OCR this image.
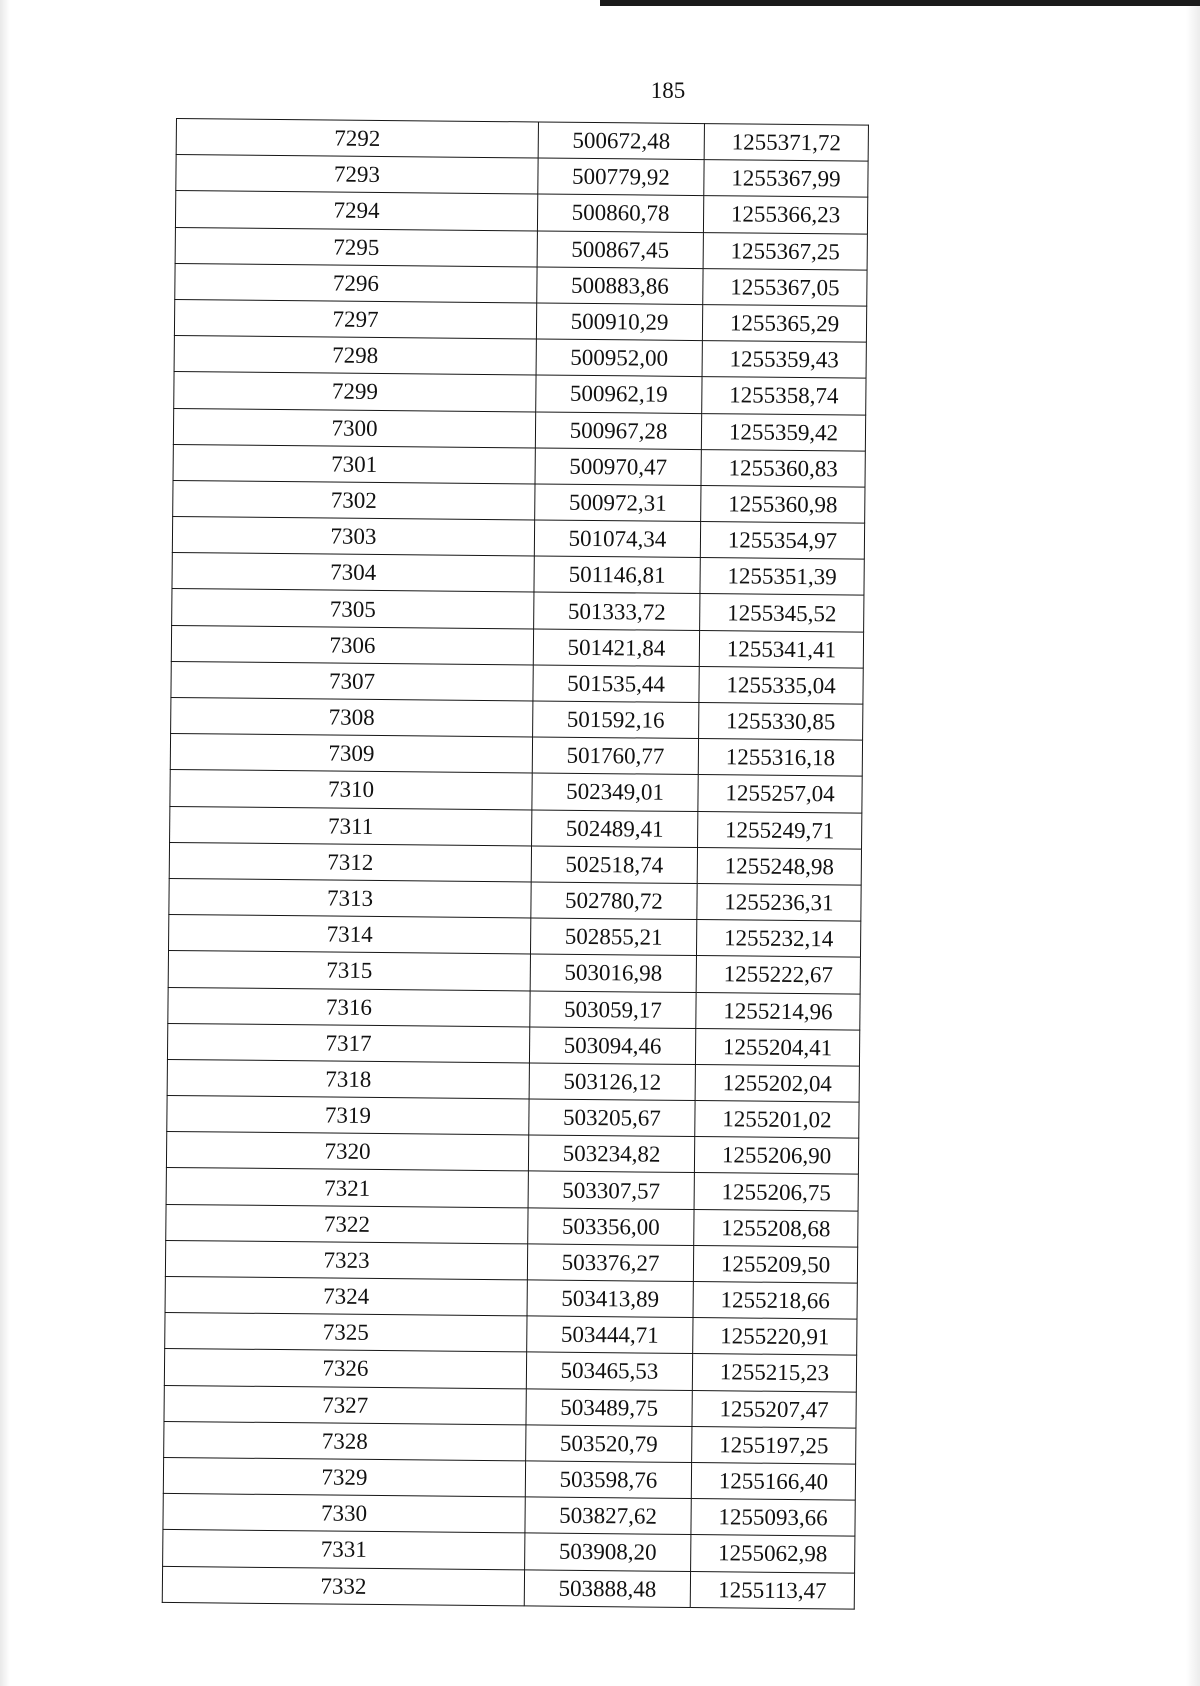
185
7292	500672,48	1255371,72
7293	500779,92	1255367,99
7294	500860,78	1255366,23
7295	500867,45	1255367,25
7296	500883,86	1255367,05
7297	500910,29	1255365,29
7298	500952,00	1255359,43
7299	500962,19	1255358,74
7300	500967,28	1255359,42
7301	500970,47	1255360,83
7302	500972,31	1255360,98
7303	501074,34	1255354,97
7304	501146,81	1255351,39
7305	501333,72	1255345,52
7306	501421,84	1255341,41
7307	501535,44	1255335,04
7308	501592,16	1255330,85
7309	501760,77	1255316,18
7310	502349,01	1255257,04
7311	502489,41	1255249,71
7312	502518,74	1255248,98
7313	502780,72	1255236,31
7314	502855,21	1255232,14
7315	503016,98	1255222,67
7316	503059,17	1255214,96
7317	503094,46	1255204,41
7318	503126,12	1255202,04
7319	503205,67	1255201,02
7320	503234,82	1255206,90
7321	503307,57	1255206,75
7322	503356,00	1255208,68
7323	503376,27	1255209,50
7324	503413,89	1255218,66
7325	503444,71	1255220,91
7326	503465,53	1255215,23
7327	503489,75	1255207,47
7328	503520,79	1255197,25
7329	503598,76	1255166,40
7330	503827,62	1255093,66
7331	503908,20	1255062,98
7332	503888,48	1255113,47
